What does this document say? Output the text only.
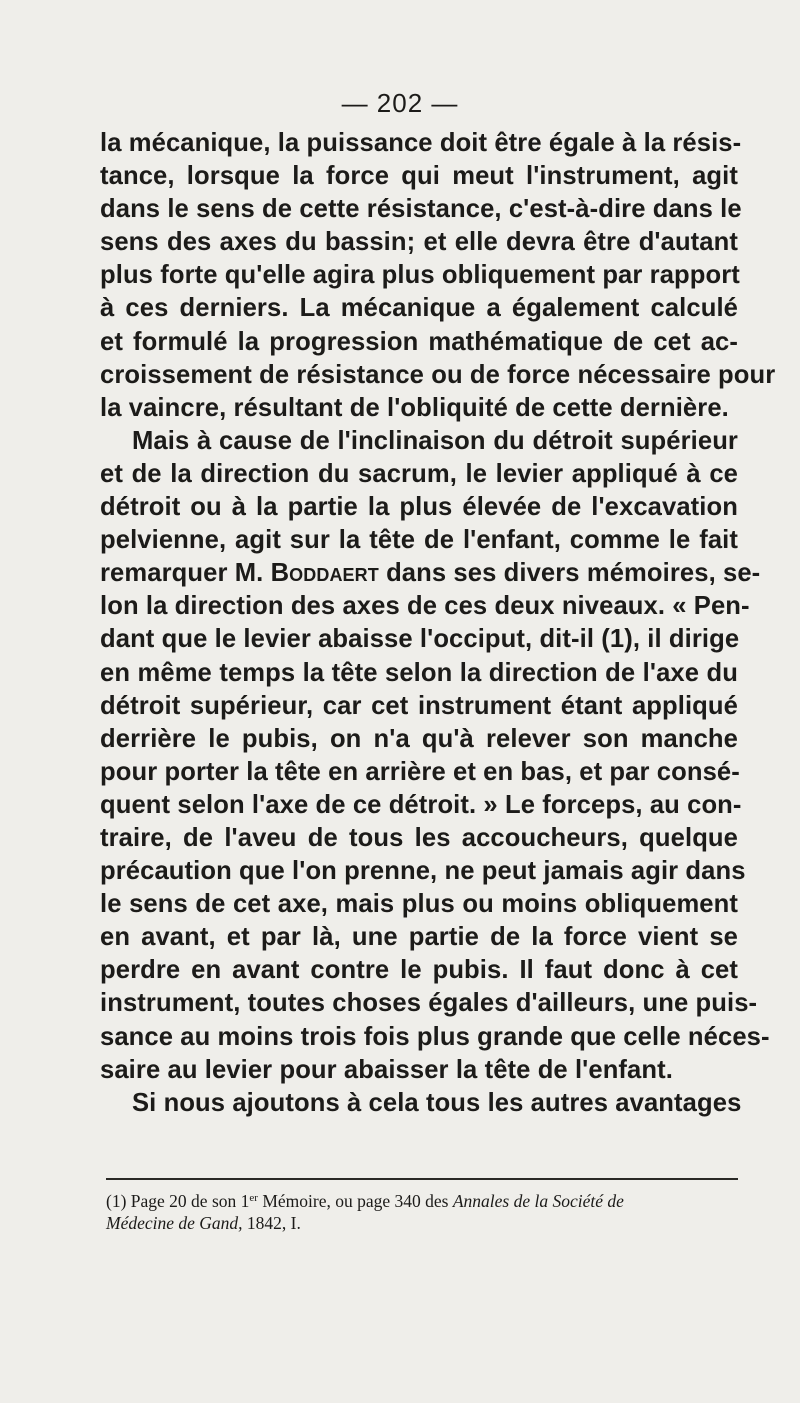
— 202 —
la mécanique, la puissance doit être égale à la résis-
tance, lorsque la force qui meut l'instrument, agit
dans le sens de cette résistance, c'est-à-dire dans le
sens des axes du bassin; et elle devra être d'autant
plus forte qu'elle agira plus obliquement par rapport
à ces derniers. La mécanique a également calculé
et formulé la progression mathématique de cet ac-
croissement de résistance ou de force nécessaire pour
la vaincre, résultant de l'obliquité de cette dernière.
Mais à cause de l'inclinaison du détroit supérieur
et de la direction du sacrum, le levier appliqué à ce
détroit ou à la partie la plus élevée de l'excavation
pelvienne, agit sur la tête de l'enfant, comme le fait
remarquer M. Boddaert dans ses divers mémoires, se-
lon la direction des axes de ces deux niveaux. « Pen-
dant que le levier abaisse l'occiput, dit-il (1), il dirige
en même temps la tête selon la direction de l'axe du
détroit supérieur, car cet instrument étant appliqué
derrière le pubis, on n'a qu'à relever son manche
pour porter la tête en arrière et en bas, et par consé-
quent selon l'axe de ce détroit. » Le forceps, au con-
traire, de l'aveu de tous les accoucheurs, quelque
précaution que l'on prenne, ne peut jamais agir dans
le sens de cet axe, mais plus ou moins obliquement
en avant, et par là, une partie de la force vient se
perdre en avant contre le pubis. Il faut donc à cet
instrument, toutes choses égales d'ailleurs, une puis-
sance au moins trois fois plus grande que celle néces-
saire au levier pour abaisser la tête de l'enfant.
Si nous ajoutons à cela tous les autres avantages
(1) Page 20 de son 1er Mémoire, ou page 340 des Annales de la Société de
Médecine de Gand, 1842, I.
